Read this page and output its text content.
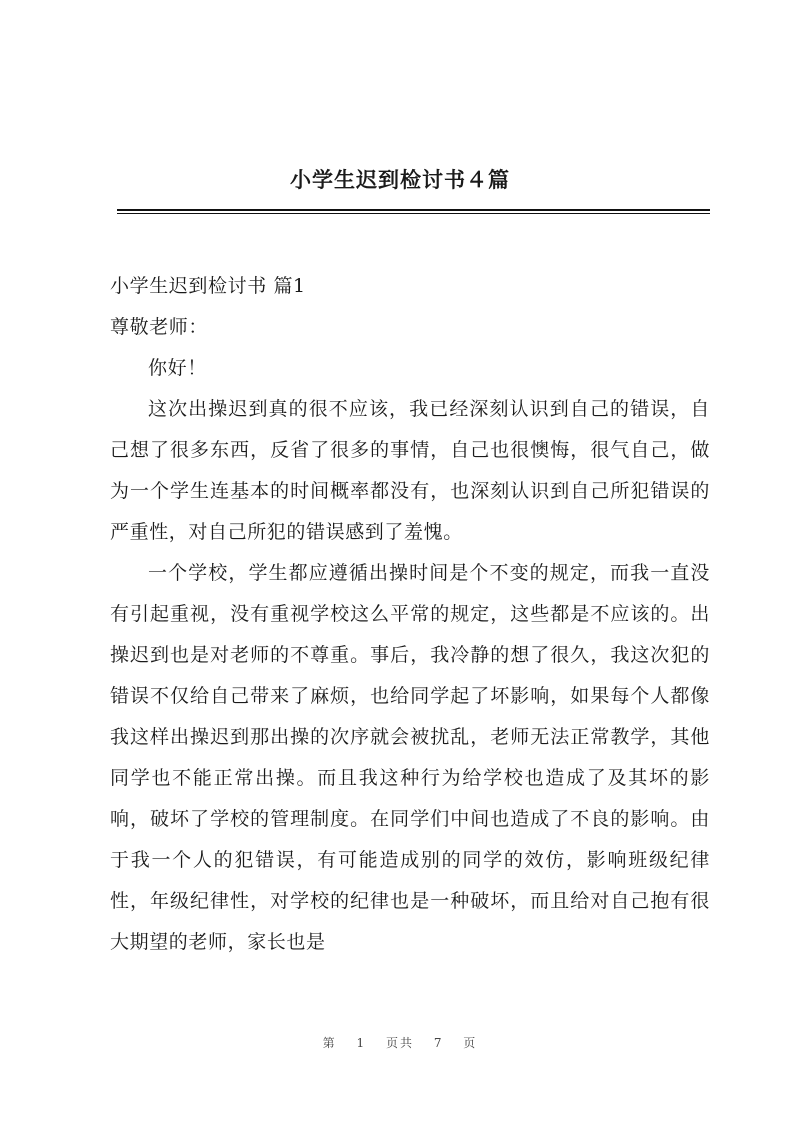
小学生迟到检讨书４篇

小学生迟到检讨书 篇1

尊敬老师：

你好！

这次出操迟到真的很不应该，我已经深刻认识到自己的错误，自己想了很多东西，反省了很多的事情，自己也很懊悔，很气自己，做为一个学生连基本的时间概率都没有，也深刻认识到自己所犯错误的严重性，对自己所犯的错误感到了羞愧。

一个学校，学生都应遵循出操时间是个不变的规定，而我一直没有引起重视，没有重视学校这么平常的规定，这些都是不应该的。出操迟到也是对老师的不尊重。事后，我冷静的想了很久，我这次犯的错误不仅给自己带来了麻烦，也给同学起了坏影响，如果每个人都像我这样出操迟到那出操的次序就会被扰乱，老师无法正常教学，其他同学也不能正常出操。而且我这种行为给学校也造成了及其坏的影响，破坏了学校的管理制度。在同学们中间也造成了不良的影响。由于我一个人的犯错误，有可能造成别的同学的效仿，影响班级纪律性，年级纪律性，对学校的纪律也是一种破坏，而且给对自己抱有很大期望的老师，家长也是

第 1 页共 7 页
